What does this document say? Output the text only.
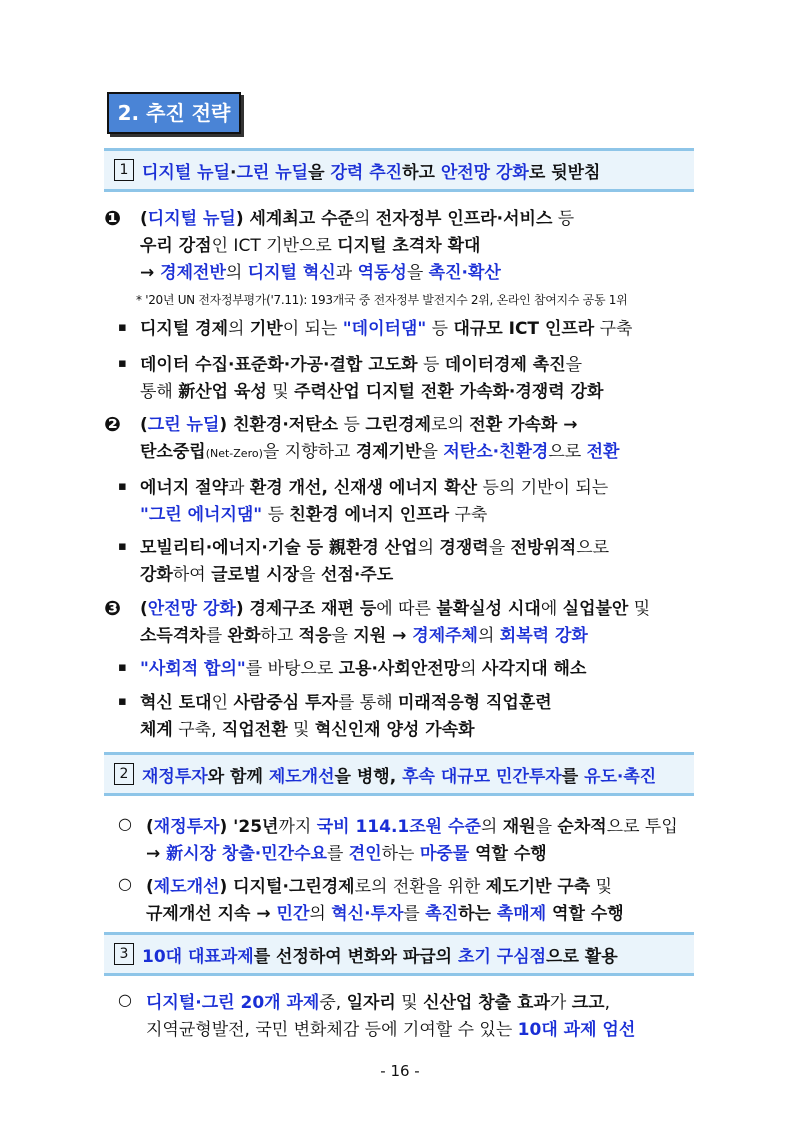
2. 추진 전략
1 디지털 뉴딜·그린 뉴딜을 강력 추진하고 안전망 강화로 뒷받침
❶ (디지털 뉴딜) 세계최고 수준의 전자정부 인프라·서비스 등
우리 강점인 ICT 기반으로 디지털 초격차 확대
→ 경제전반의 디지털 혁신과 역동성을 촉진·확산
* '20년 UN 전자정부평가('7.11): 193개국 중 전자정부 발전지수 2위, 온라인 참여지수 공동 1위
▪ 디지털 경제의 기반이 되는 "데이터댐" 등 대규모 ICT 인프라 구축
▪ 데이터 수집·표준화·가공·결합 고도화 등 데이터경제 촉진을
통해 新산업 육성 및 주력산업 디지털 전환 가속화·경쟁력 강화
❷ (그린 뉴딜) 친환경·저탄소 등 그린경제로의 전환 가속화 →
탄소중립(Net-Zero)을 지향하고 경제기반을 저탄소·친환경으로 전환
▪ 에너지 절약과 환경 개선, 신재생 에너지 확산 등의 기반이 되는
"그린 에너지댐" 등 친환경 에너지 인프라 구축
▪ 모빌리티·에너지·기술 등 親환경 산업의 경쟁력을 전방위적으로
강화하여 글로벌 시장을 선점·주도
❸ (안전망 강화) 경제구조 재편 등에 따른 불확실성 시대에 실업불안 및
소득격차를 완화하고 적응을 지원 → 경제주체의 회복력 강화
▪ "사회적 합의"를 바탕으로 고용·사회안전망의 사각지대 해소
▪ 혁신 토대인 사람중심 투자를 통해 미래적응형 직업훈련
체계 구축, 직업전환 및 혁신인재 양성 가속화
2 재정투자와 함께 제도개선을 병행, 후속 대규모 민간투자를 유도·촉진
○ (재정투자) '25년까지 국비 114.1조원 수준의 재원을 순차적으로 투입
→ 新시장 창출·민간수요를 견인하는 마중물 역할 수행
○ (제도개선) 디지털·그린경제로의 전환을 위한 제도기반 구축 및
규제개선 지속 → 민간의 혁신·투자를 촉진하는 촉매제 역할 수행
3 10대 대표과제를 선정하여 변화와 파급의 초기 구심점으로 활용
○ 디지털·그린 20개 과제중, 일자리 및 신산업 창출 효과가 크고,
지역균형발전, 국민 변화체감 등에 기여할 수 있는 10대 과제 엄선
- 16 -
